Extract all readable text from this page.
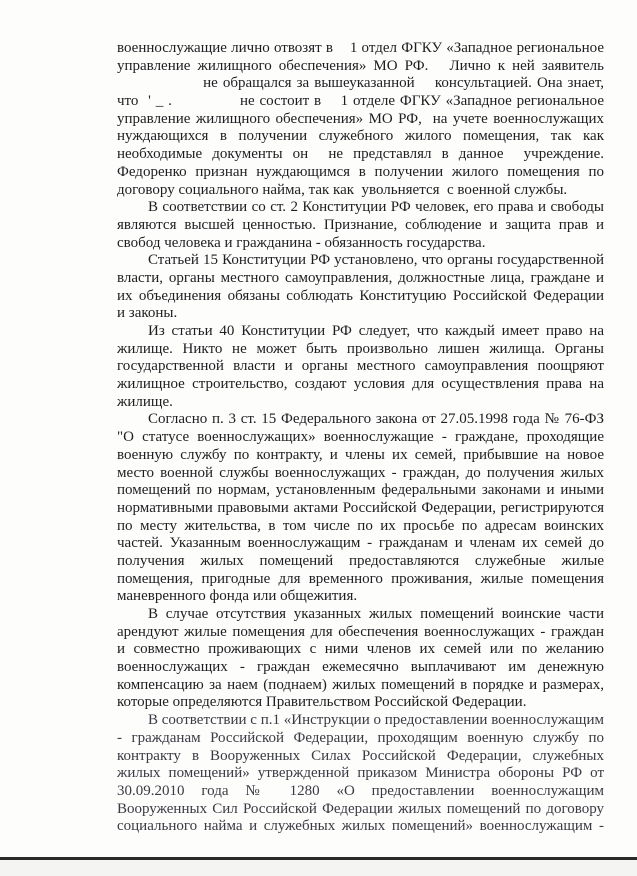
военнослужащие лично отвозят в    1 отдел ФГКУ «Западное региональное
управление жилищного обеспечения» МО РФ.   Лично к ней заявитель
не обращался за вышеуказанной    консультацией. Она знает,
что  ' _ .              не состоит в    1 отделе ФГКУ «Западное региональное
управление жилищного обеспечения» МО РФ,  на учете военнослужащих
нуждающихся в получении служебного жилого помещения, так как
необходимые документы он  не представлял в данное  учреждение.
Федоренко признан нуждающимся в получении жилого помещения по
договору социального найма, так как  увольняется  с военной службы.
В соответствии со ст. 2 Конституции РФ человек, его права и свободы
являются высшей ценностью. Признание, соблюдение и защита прав и
свобод человека и гражданина - обязанность государства.
Статьей 15 Конституции РФ установлено, что органы государственной
власти, органы местного самоуправления, должностные лица, граждане и
их объединения обязаны соблюдать Конституцию Российской Федерации
и законы.
Из статьи 40 Конституции РФ следует, что каждый имеет право на
жилище. Никто не может быть произвольно лишен жилища. Органы
государственной власти и органы местного самоуправления поощряют
жилищное строительство, создают условия для осуществления права на
жилище.
Согласно п. 3 ст. 15 Федерального закона от 27.05.1998 года № 76-ФЗ
"О статусе военнослужащих» военнослужащие - граждане, проходящие
военную службу по контракту, и члены их семей, прибывшие на новое
место военной службы военнослужащих - граждан, до получения жилых
помещений по нормам, установленным федеральными законами и иными
нормативными правовыми актами Российской Федерации, регистрируются
по месту жительства, в том числе по их просьбе по адресам воинских
частей. Указанным военнослужащим - гражданам и членам их семей до
получения жилых помещений предоставляются служебные жилые
помещения, пригодные для временного проживания, жилые помещения
маневренного фонда или общежития.
В случае отсутствия указанных жилых помещений воинские части
арендуют жилые помещения для обеспечения военнослужащих - граждан
и совместно проживающих с ними членов их семей или по желанию
военнослужащих - граждан ежемесячно выплачивают им денежную
компенсацию за наем (поднаем) жилых помещений в порядке и размерах,
которые определяются Правительством Российской Федерации.
В соответствии с п.1 «Инструкции о предоставлении военнослужащим
- гражданам Российской Федерации, проходящим военную службу по
контракту в Вооруженных Силах Российской Федерации, служебных
жилых помещений» утвержденной приказом Министра обороны РФ от
30.09.2010 года № 1280 «О предоставлении военнослужащим
Вооруженных Сил Российской Федерации жилых помещений по договору
социального найма и служебных жилых помещений» военнослужащим -
